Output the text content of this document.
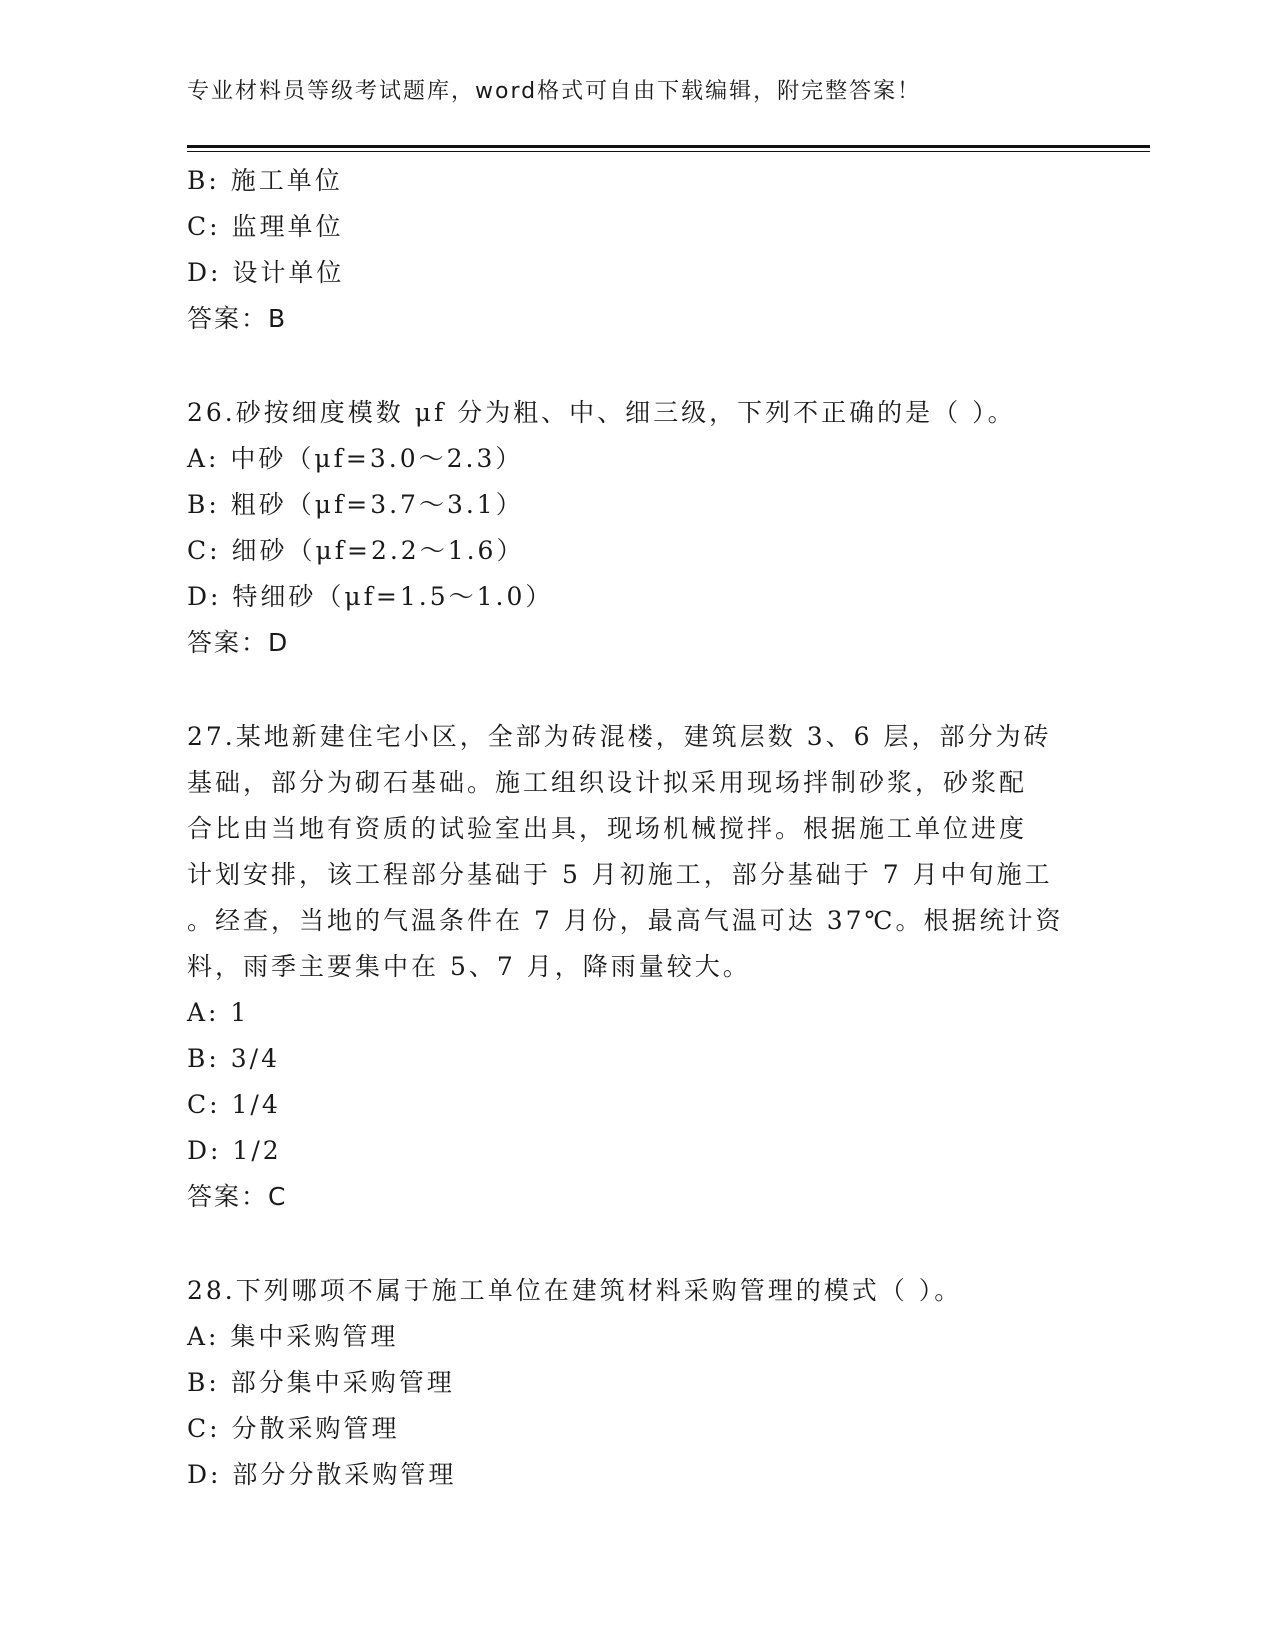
专业材料员等级考试题库，word格式可自由下载编辑，附完整答案！
B: 施工单位
C: 监理单位
D: 设计单位
答案：B
26.砂按细度模数 μf 分为粗、中、细三级，下列不正确的是（ ）。
A: 中砂（μf=3.0～2.3）
B: 粗砂（μf=3.7～3.1）
C: 细砂（μf=2.2～1.6）
D: 特细砂（μf=1.5～1.0）
答案：D
27.某地新建住宅小区，全部为砖混楼，建筑层数 3、6 层，部分为砖
基础，部分为砌石基础。施工组织设计拟采用现场拌制砂浆，砂浆配
合比由当地有资质的试验室出具，现场机械搅拌。根据施工单位进度
计划安排，该工程部分基础于 5 月初施工，部分基础于 7 月中旬施工
。经查，当地的气温条件在 7 月份，最高气温可达 37℃。根据统计资
料，雨季主要集中在 5、7 月，降雨量较大。
A: 1
B: 3/4
C: 1/4
D: 1/2
答案：C
28.下列哪项不属于施工单位在建筑材料采购管理的模式（ ）。
A: 集中采购管理
B: 部分集中采购管理
C: 分散采购管理
D: 部分分散采购管理
